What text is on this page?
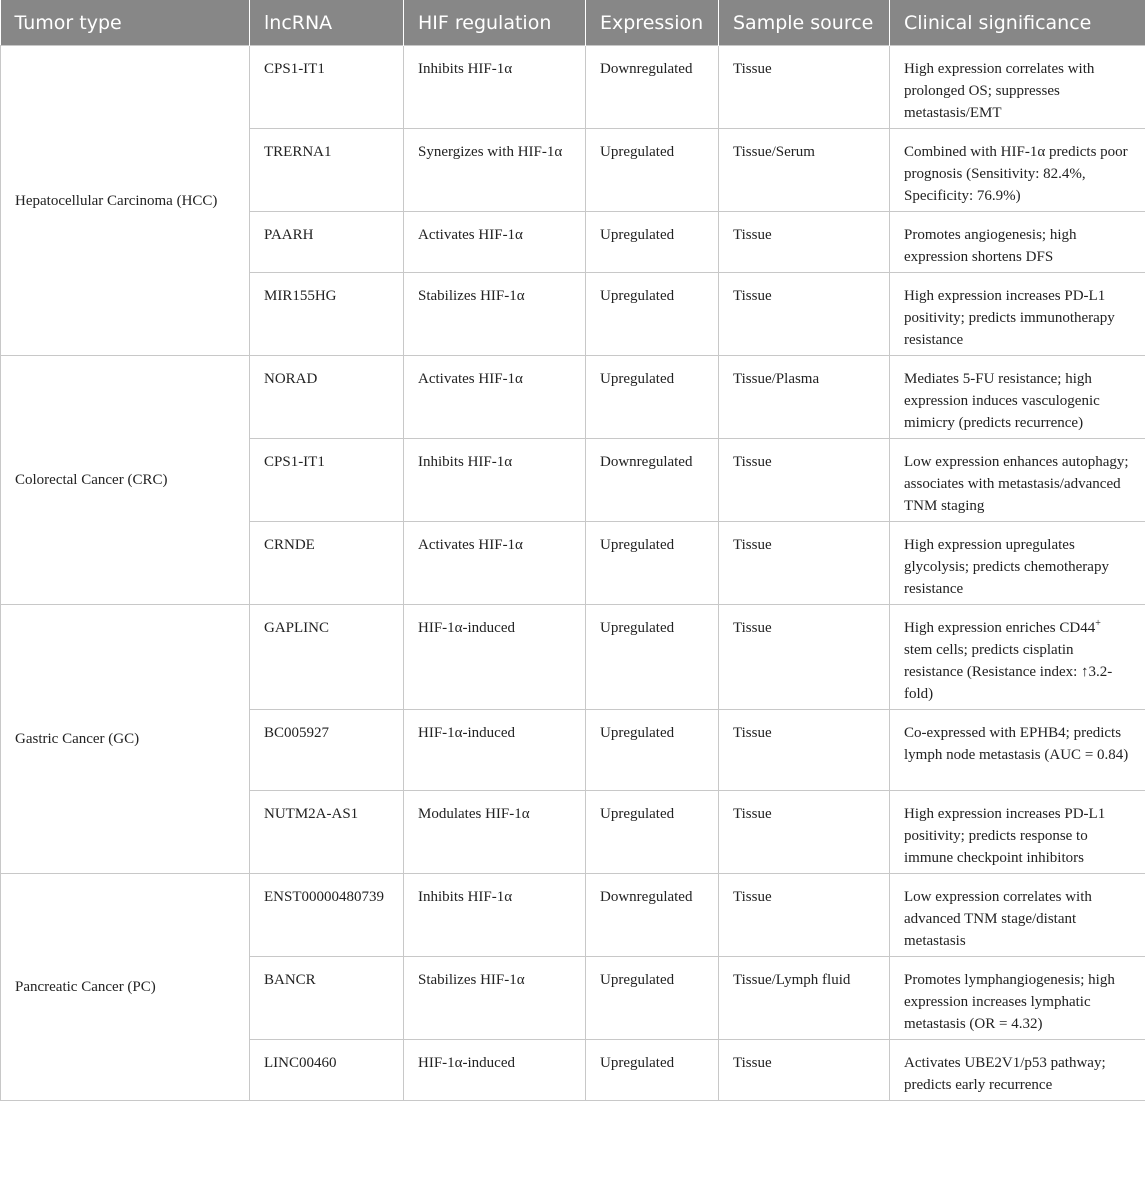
Tumor type	lncRNA	HIF regulation	Expression	Sample source	Clinical significance
Hepatocellular Carcinoma (HCC)	CPS1-IT1	Inhibits HIF-1α	Downregulated	Tissue	High expression correlates with prolonged OS; suppresses metastasis/EMT
	TRERNA1	Synergizes with HIF-1α	Upregulated	Tissue/Serum	Combined with HIF-1α predicts poor prognosis (Sensitivity: 82.4%, Specificity: 76.9%)
	PAARH	Activates HIF-1α	Upregulated	Tissue	Promotes angiogenesis; high expression shortens DFS
	MIR155HG	Stabilizes HIF-1α	Upregulated	Tissue	High expression increases PD-L1 positivity; predicts immunotherapy resistance
Colorectal Cancer (CRC)	NORAD	Activates HIF-1α	Upregulated	Tissue/Plasma	Mediates 5-FU resistance; high expression induces vasculogenic mimicry (predicts recurrence)
	CPS1-IT1	Inhibits HIF-1α	Downregulated	Tissue	Low expression enhances autophagy; associates with metastasis/advanced TNM staging
	CRNDE	Activates HIF-1α	Upregulated	Tissue	High expression upregulates glycolysis; predicts chemotherapy resistance
Gastric Cancer (GC)	GAPLINC	HIF-1α-induced	Upregulated	Tissue	High expression enriches CD44+ stem cells; predicts cisplatin resistance (Resistance index: ↑3.2-fold)
	BC005927	HIF-1α-induced	Upregulated	Tissue	Co-expressed with EPHB4; predicts lymph node metastasis (AUC = 0.84)
	NUTM2A-AS1	Modulates HIF-1α	Upregulated	Tissue	High expression increases PD-L1 positivity; predicts response to immune checkpoint inhibitors
Pancreatic Cancer (PC)	ENST00000480739	Inhibits HIF-1α	Downregulated	Tissue	Low expression correlates with advanced TNM stage/distant metastasis
	BANCR	Stabilizes HIF-1α	Upregulated	Tissue/Lymph fluid	Promotes lymphangiogenesis; high expression increases lymphatic metastasis (OR = 4.32)
	LINC00460	HIF-1α-induced	Upregulated	Tissue	Activates UBE2V1/p53 pathway; predicts early recurrence
